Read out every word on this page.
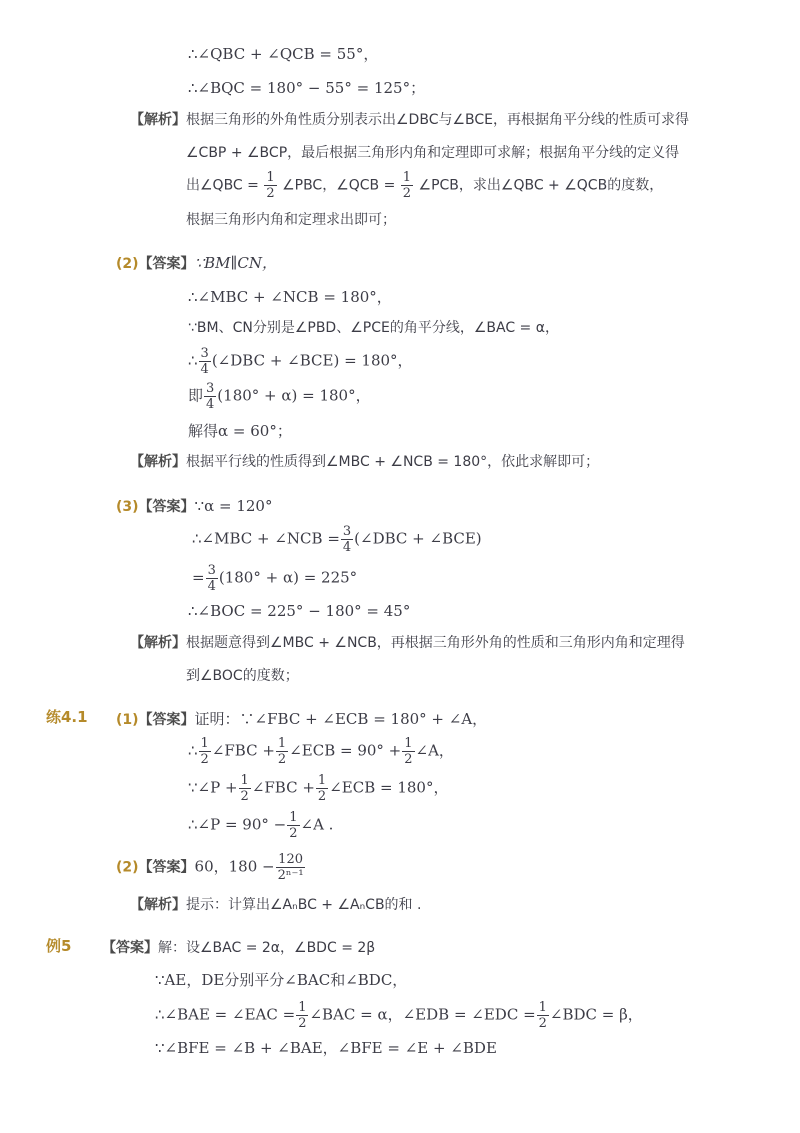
∴∠QBC + ∠QCB = 55°，
∴∠BQC = 180° − 55° = 125°；
【解析】根据三角形的外角性质分别表示出∠DBC与∠BCE，再根据角平分线的性质可求得
∠CBP + ∠BCP，最后根据三角形内角和定理即可求解；根据角平分线的定义得
出∠QBC = $\frac{1}{2}$ ∠PBC，∠QCB = $\frac{1}{2}$ ∠PCB，求出∠QBC + ∠QCB的度数，
根据三角形内角和定理求出即可；
(2)【答案】∵BM∥CN，
∴∠MBC + ∠NCB = 180°，
∵BM、CN分别是∠PBD、∠PCE的角平分线，∠BAC = α，
∴ $\frac{3}{4}$ (∠DBC + ∠BCE) = 180°，
即 $\frac{3}{4} (180^\circ + \alpha) = 180^\circ$，
解得α = 60°；
【解析】根据平行线的性质得到∠MBC + ∠NCB = 180°，依此求解即可；
(3)【答案】∵α = 120°
∴∠MBC + ∠NCB = $\frac{3}{4}$ (∠DBC + ∠BCE)
= $\frac{3}{4} (180^\circ + \alpha) = 225^\circ$
∴∠BOC = 225° − 180° = 45°
【解析】根据题意得到∠MBC + ∠NCB，再根据三角形外角的性质和三角形内角和定理得
到∠BOC的度数；
练4.1 (1)【答案】证明：∵∠FBC + ∠ECB = 180° + ∠A，
∴ $\frac{1}{2}$ ∠FBC + $\frac{1}{2}$ ∠ECB = $90^\circ + \frac{1}{2}$ ∠A，
∵∠P + $\frac{1}{2}$ ∠FBC + $\frac{1}{2}$ ∠ECB = 180°，
∴∠P = $90^\circ - \frac{1}{2}$ ∠A .
(2)【答案】60，$180 - \frac{120}{\text{2ⁿ⁻¹}}$
【解析】提示：计算出∠AₙBC + ∠AₙCB的和 .
例5 【答案】解：设∠BAC = 2α，∠BDC = 2β
∵AE，DE分别平分∠BAC和∠BDC，
∴∠BAE = ∠EAC = $\frac{1}{2}$ ∠BAC = α，∠EDB = ∠EDC = $\frac{1}{2}$ ∠BDC = β，
∵∠BFE = ∠B + ∠BAE，∠BFE = ∠E + ∠BDE
